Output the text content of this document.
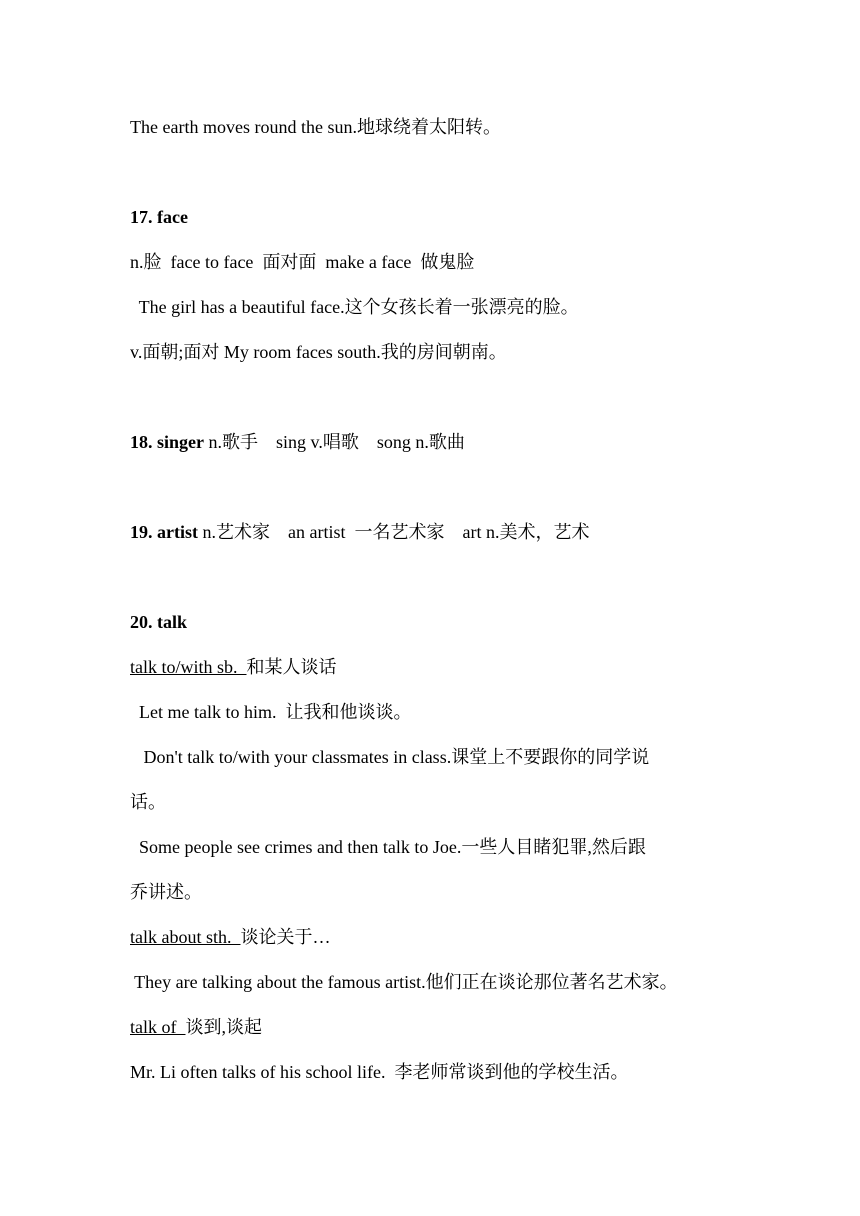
The earth moves round the sun.地球绕着太阳转。
17. face
n.脸  face to face  面对面  make a face  做鬼脸
The girl has a beautiful face.这个女孩长着一张漂亮的脸。
v.面朝;面对 My room faces south.我的房间朝南。
18. singer n.歌手    sing v.唱歌    song n.歌曲
19. artist n.艺术家    an artist  一名艺术家    art n.美术，艺术
20. talk
talk to/with sb.  和某人谈话
Let me talk to him.  让我和他谈谈。
Don't talk to/with your classmates in class.课堂上不要跟你的同学说
话。
Some people see crimes and then talk to Joe.一些人目睹犯罪,然后跟
乔讲述。
talk about sth.  谈论关于…
They are talking about the famous artist.他们正在谈论那位著名艺术家。
talk of  谈到,谈起
Mr. Li often talks of his school life.  李老师常谈到他的学校生活。
